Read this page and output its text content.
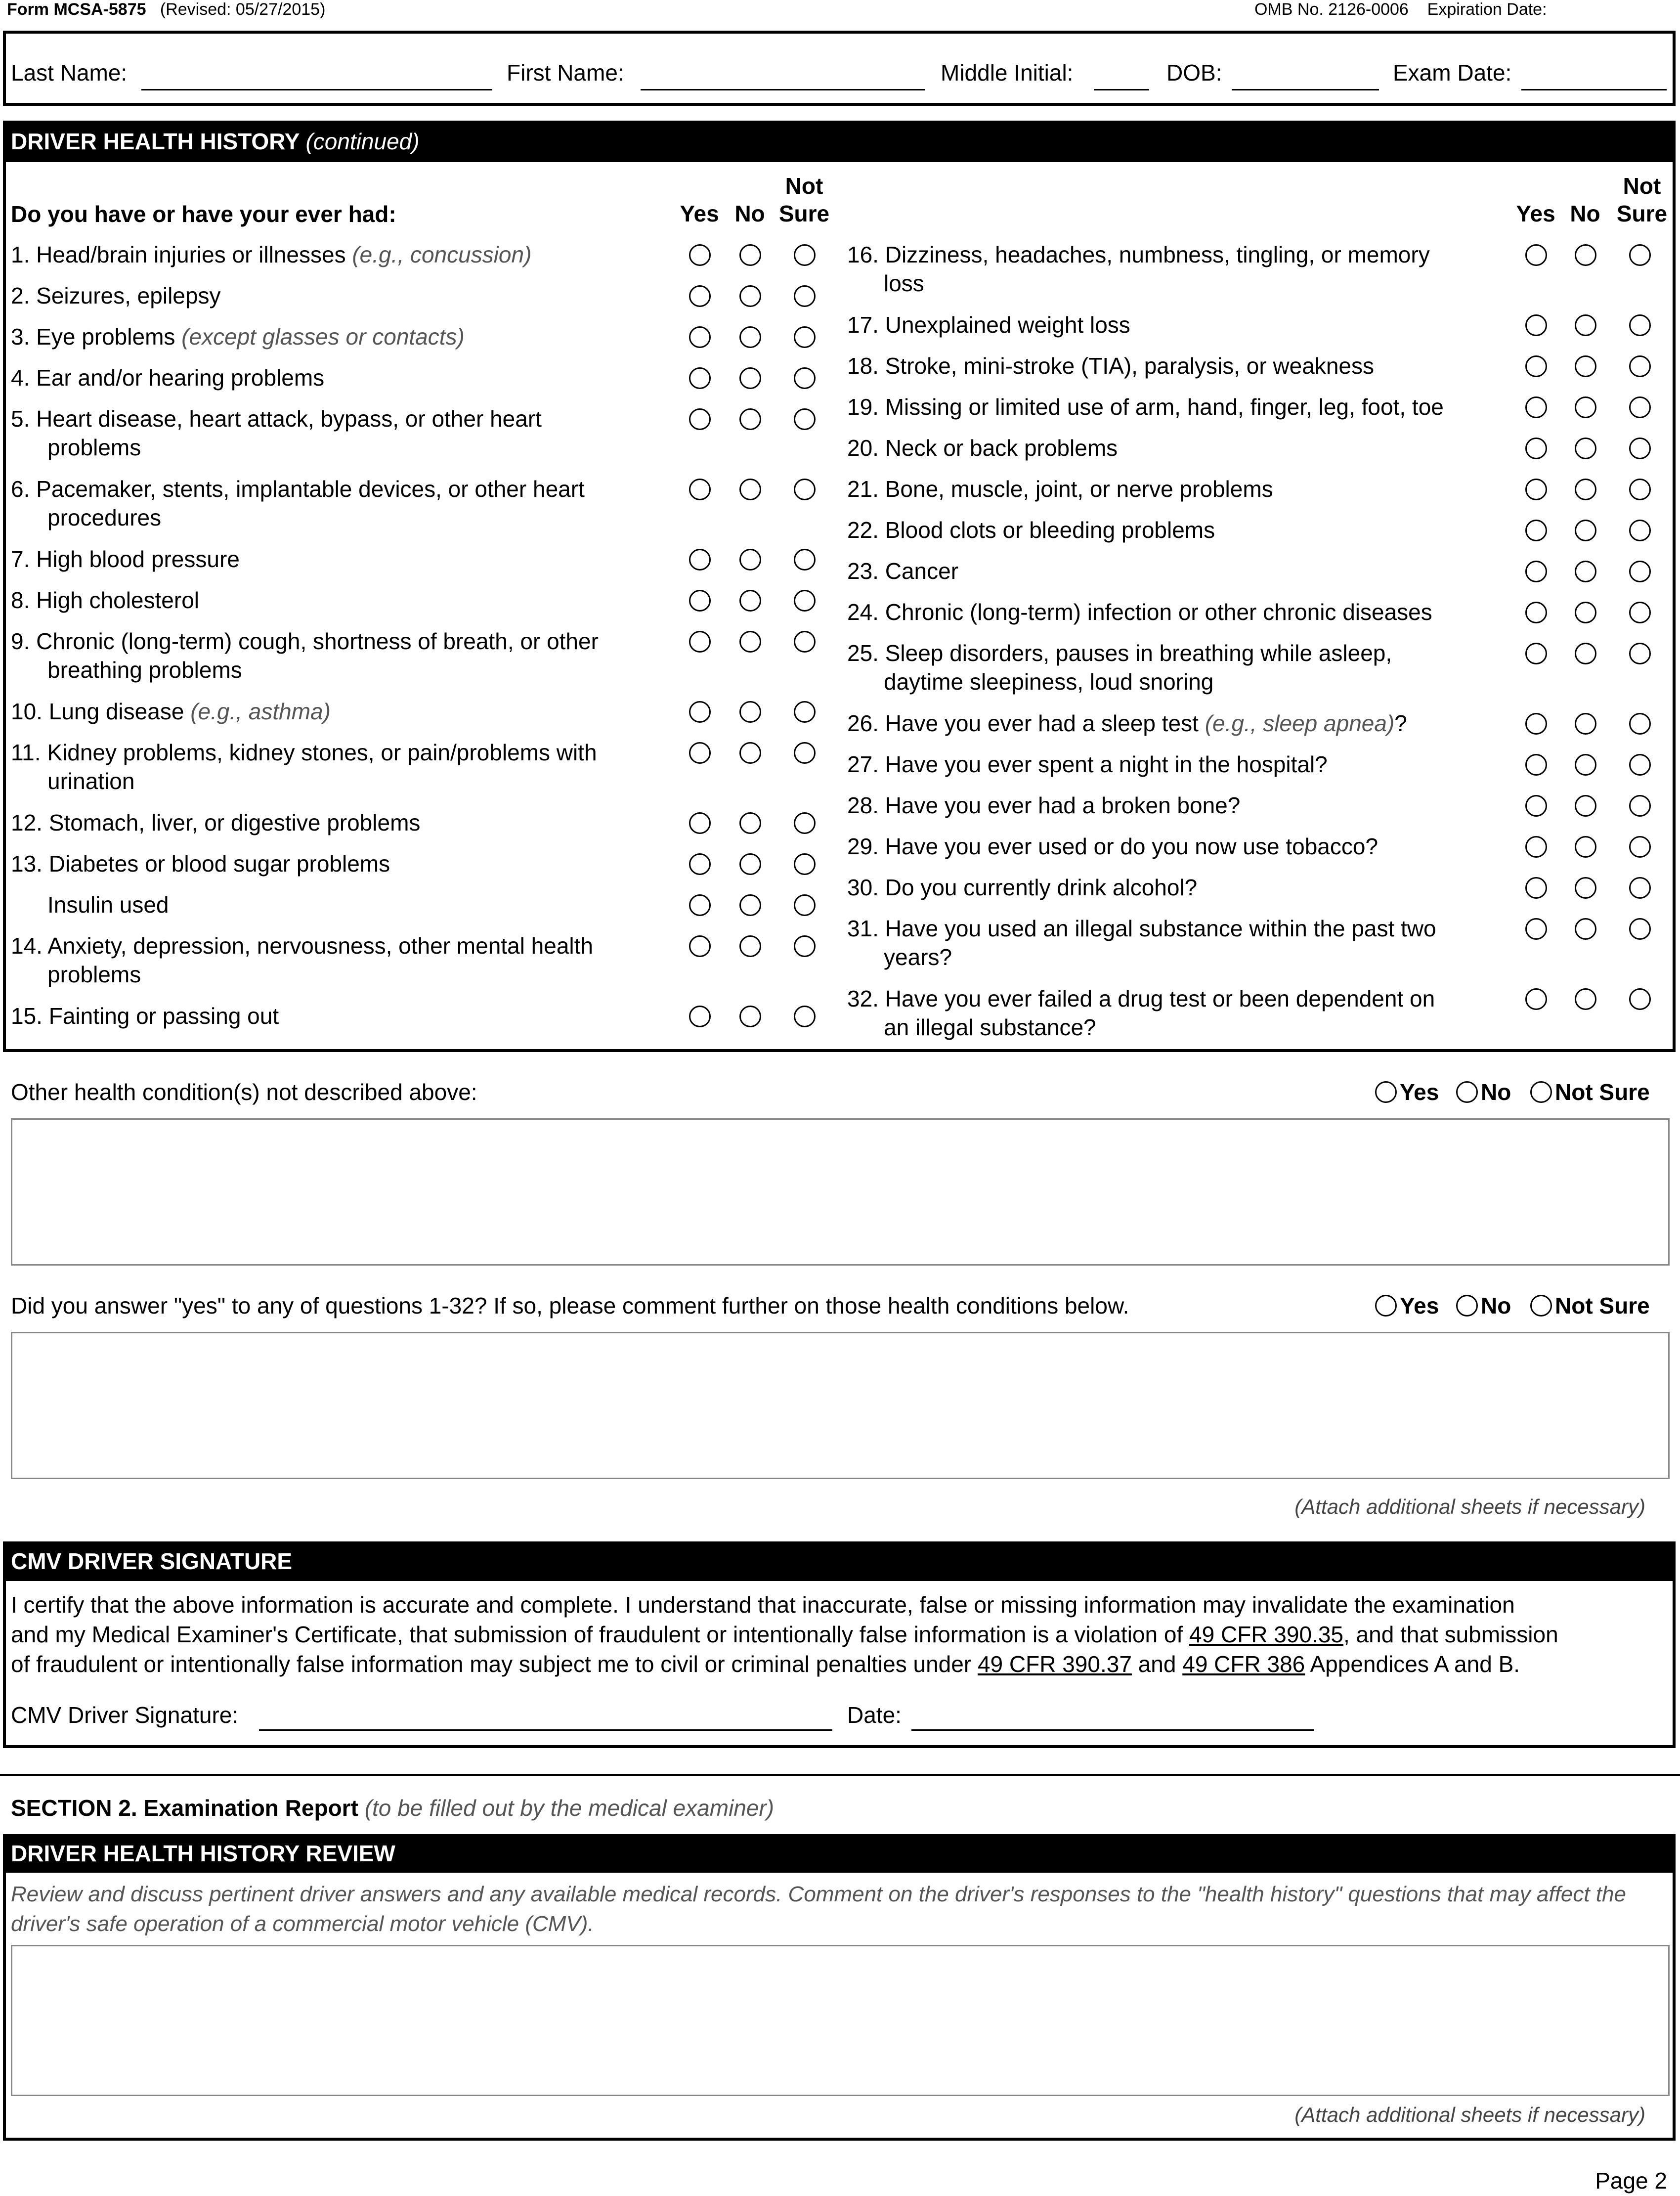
Form MCSA-5875 (Revised: 05/27/2015)	OMB No. 2126-0006 Expiration Date:
Last Name:	First Name:	Middle Initial:	DOB:	Exam Date:
DRIVER HEALTH HISTORY (continued)
Do you have or have your ever had:	Yes No
Not
Sure	Yes No
Not
Sure
1. Head/brain injuries or illnesses (e.g., concussion)
2. Seizures, epilepsy
3. Eye problems (except glasses or contacts)
4. Ear and/or hearing problems
5. Heart disease, heart attack, bypass, or other heart
problems
6. Pacemaker, stents, implantable devices, or other heart
procedures
7. High blood pressure
8. High cholesterol
9. Chronic (long-term) cough, shortness of breath, or other
breathing problems
10. Lung disease (e.g., asthma)
11. Kidney problems, kidney stones, or pain/problems with
urination
12. Stomach, liver, or digestive problems
13. Diabetes or blood sugar problems
Insulin used
14. Anxiety, depression, nervousness, other mental health
problems
15. Fainting or passing out
16. Dizziness, headaches, numbness, tingling, or memory
loss
17. Unexplained weight loss
18. Stroke, mini-stroke (TIA), paralysis, or weakness
19. Missing or limited use of arm, hand, finger, leg, foot, toe
20. Neck or back problems
21. Bone, muscle, joint, or nerve problems
22. Blood clots or bleeding problems
23. Cancer
24. Chronic (long-term) infection or other chronic diseases
25. Sleep disorders, pauses in breathing while asleep,
daytime sleepiness, loud snoring
26. Have you ever had a sleep test (e.g., sleep apnea)?
27. Have you ever spent a night in the hospital?
28. Have you ever had a broken bone?
29. Have you ever used or do you now use tobacco?
30. Do you currently drink alcohol?
31. Have you used an illegal substance within the past two
years?
32. Have you ever failed a drug test or been dependent on
an illegal substance?
Other health condition(s) not described above:	Yes No Not Sure
Did you answer "yes" to any of questions 1-32? If so, please comment further on those health conditions below.	Yes No Not Sure
(Attach additional sheets if necessary)
CMV DRIVER SIGNATURE
I certify that the above information is accurate and complete. I understand that inaccurate, false or missing information may invalidate the examination
and my Medical Examiner's Certificate, that submission of fraudulent or intentionally false information is a violation of 49 CFR 390.35, and that submission
of fraudulent or intentionally false information may subject me to civil or criminal penalties under 49 CFR 390.37 and 49 CFR 386 Appendices A and B.
CMV Driver Signature:	Date:
SECTION 2. Examination Report (to be filled out by the medical examiner)
DRIVER HEALTH HISTORY REVIEW
Review and discuss pertinent driver answers and any available medical records. Comment on the driver's responses to the "health history" questions that may affect the
driver's safe operation of a commercial motor vehicle (CMV).
(Attach additional sheets if necessary)
Page 2
